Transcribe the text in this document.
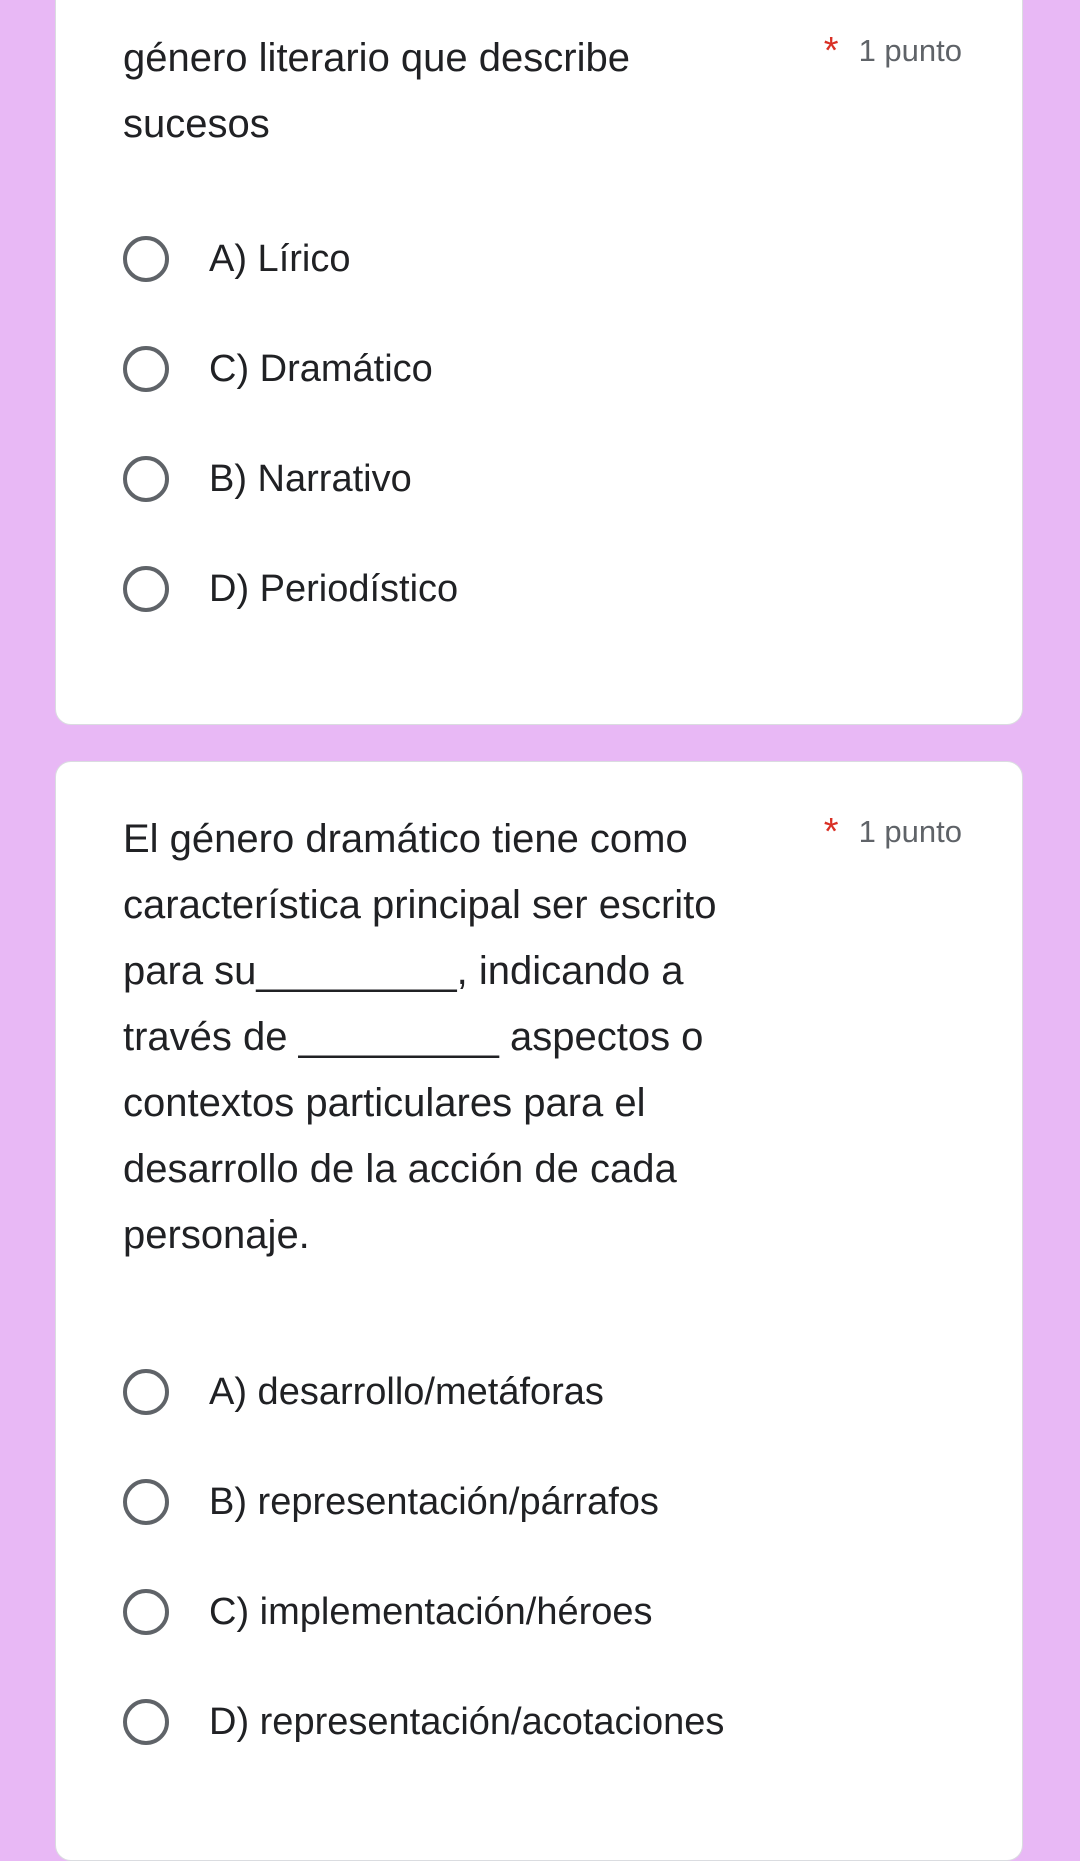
género literario que describe
sucesos
* 1 punto
A) Lírico
C) Dramático
B) Narrativo
D) Periodístico
El género dramático tiene como
característica principal ser escrito
para su_________, indicando a
través de _________ aspectos o
contextos particulares para el
desarrollo de la acción de cada
personaje.
* 1 punto
A) desarrollo/metáforas
B) representación/párrafos
C) implementación/héroes
D) representación/acotaciones
